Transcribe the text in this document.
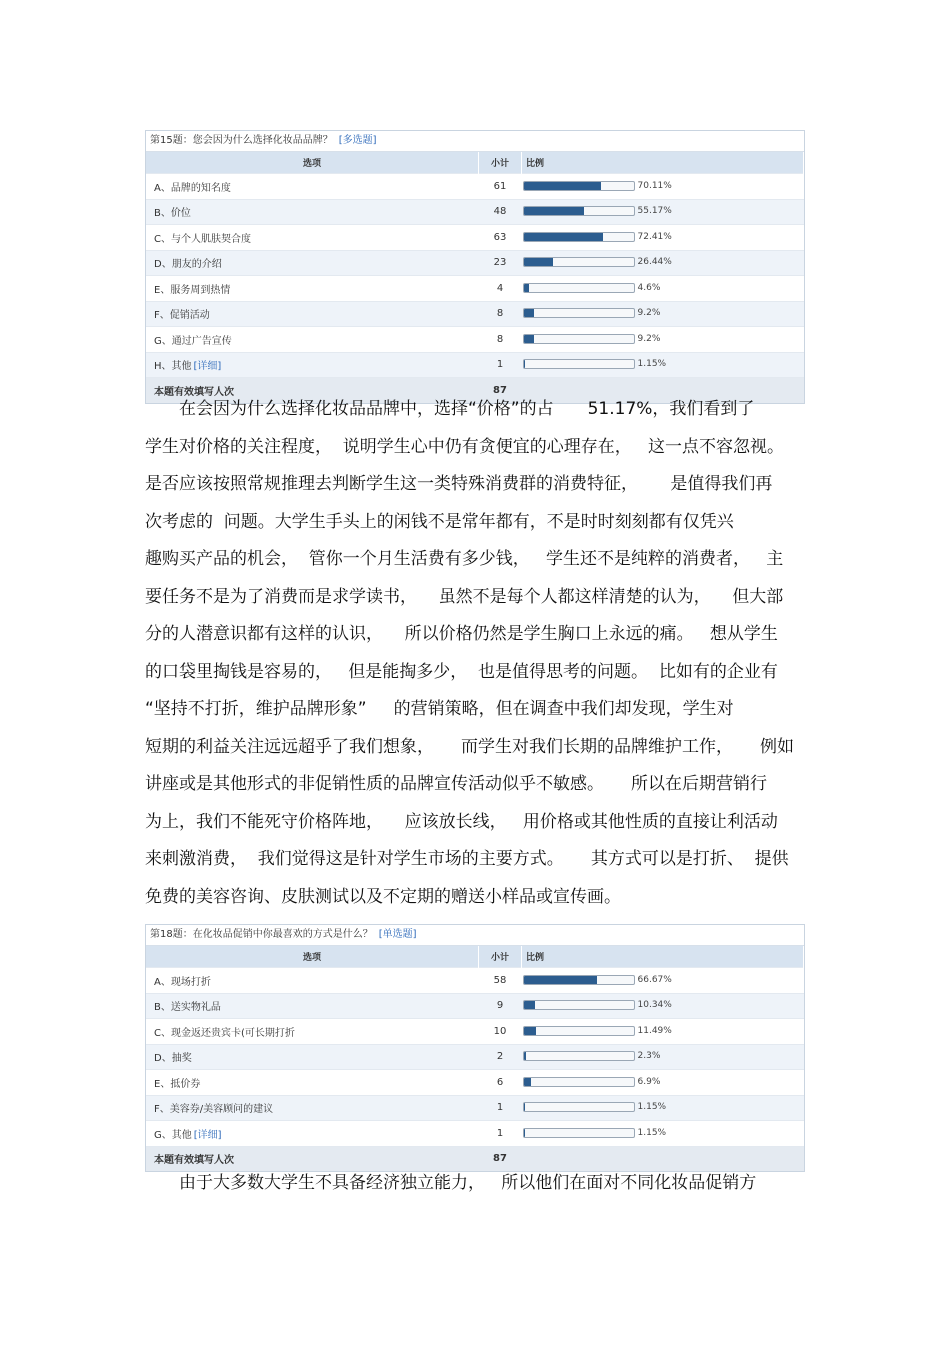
第15题：您会因为什么选择化妆品品牌？ [多选题]
选项	小计	比例
A、品牌的知名度	61	70.11%
B、价位	48	55.17%
C、与个人肌肤契合度	63	72.41%
D、朋友的介绍	23	26.44%
E、服务周到热情	4	4.6%
F、促销活动	8	9.2%
G、通过广告宣传	8	9.2%
H、其他 [详细]	1	1.15%
本题有效填写人次	87	
　　在会因为什么选择化妆品品牌中，选择“价格”的占　　51.17%，我们看到了
学生对价格的关注程度，  说明学生心中仍有贪便宜的心理存在，   这一点不容忽视。
是否应该按照常规推理去判断学生这一类特殊消费群的消费特征，      是值得我们再
次考虑的  问题。大学生手头上的闲钱不是常年都有，不是时时刻刻都有仅凭兴
趣购买产品的机会，  管你一个月生活费有多少钱，   学生还不是纯粹的消费者，   主
要任务不是为了消费而是求学读书，    虽然不是每个人都这样清楚的认为，    但大部
分的人潜意识都有这样的认识，    所以价格仍然是学生胸口上永远的痛。   想从学生
的口袋里掏钱是容易的，   但是能掏多少，  也是值得思考的问题。  比如有的企业有
“坚持不打折，维护品牌形象”     的营销策略，但在调查中我们却发现，学生对
短期的利益关注远远超乎了我们想象，     而学生对我们长期的品牌维护工作，     例如
讲座或是其他形式的非促销性质的品牌宣传活动似乎不敏感。     所以在后期营销行
为上，我们不能死守价格阵地，    应该放长线，   用价格或其他性质的直接让利活动
来刺激消费，  我们觉得这是针对学生市场的主要方式。     其方式可以是打折、  提供
免费的美容咨询、皮肤测试以及不定期的赠送小样品或宣传画。
第18题：在化妆品促销中你最喜欢的方式是什么？ [单选题]
选项	小计	比例
A、现场打折	58	66.67%
B、送实物礼品	9	10.34%
C、现金返还贵宾卡(可长期打折	10	11.49%
D、抽奖	2	2.3%
E、抵价券	6	6.9%
F、美容券/美容顾问的建议	1	1.15%
G、其他 [详细]	1	1.15%
本题有效填写人次	87	
　　由于大多数大学生不具备经济独立能力，   所以他们在面对不同化妆品促销方
